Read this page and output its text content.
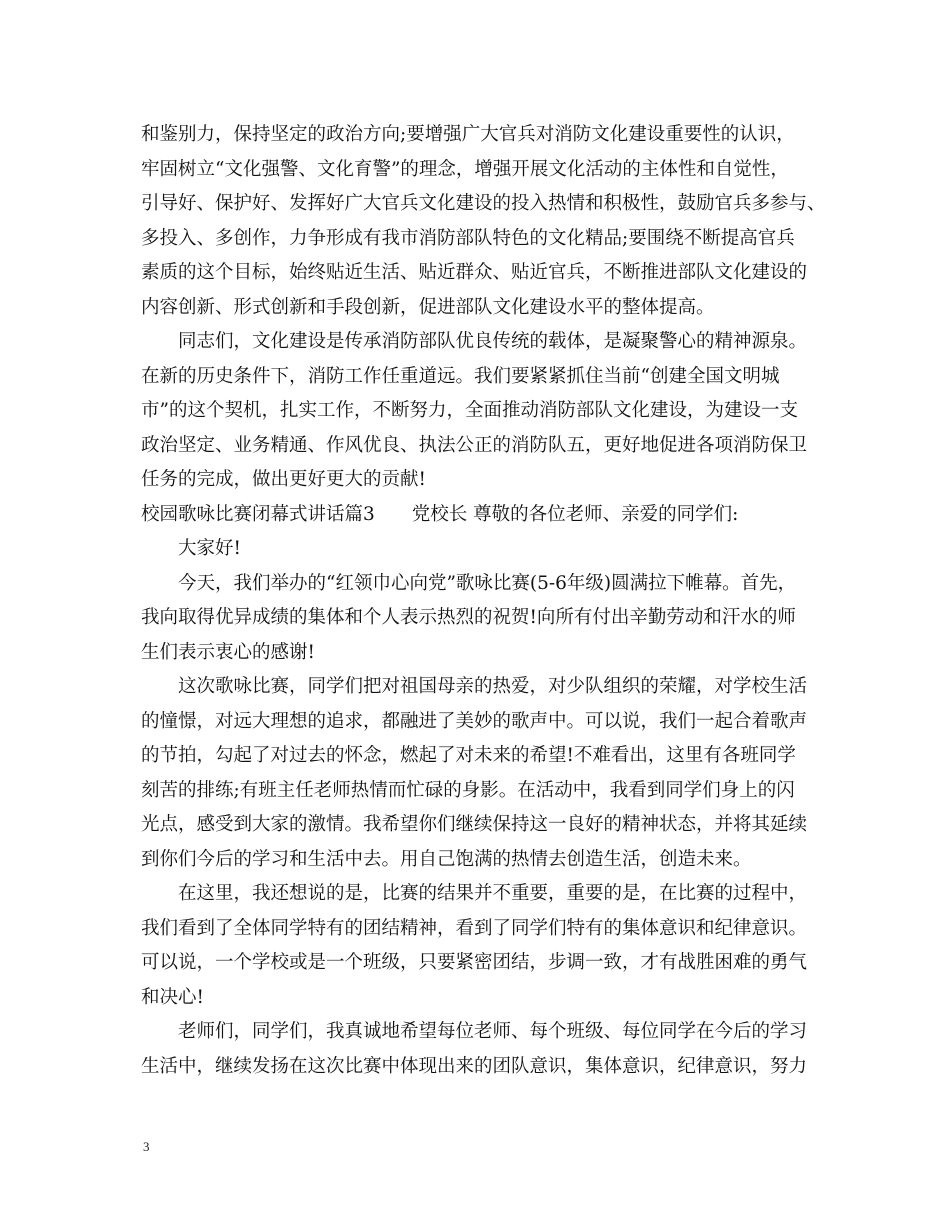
和鉴别力，保持坚定的政治方向;要增强广大官兵对消防文化建设重要性的认识，
牢固树立“文化强警、文化育警”的理念，增强开展文化活动的主体性和自觉性，
引导好、保护好、发挥好广大官兵文化建设的投入热情和积极性，鼓励官兵多参与、
多投入、多创作，力争形成有我市消防部队特色的文化精品;要围绕不断提高官兵
素质的这个目标，始终贴近生活、贴近群众、贴近官兵，不断推进部队文化建设的
内容创新、形式创新和手段创新，促进部队文化建设水平的整体提高。
同志们，文化建设是传承消防部队优良传统的载体，是凝聚警心的精神源泉。
在新的历史条件下，消防工作任重道远。我们要紧紧抓住当前“创建全国文明城
市”的这个契机，扎实工作，不断努力，全面推动消防部队文化建设，为建设一支
政治坚定、业务精通、作风优良、执法公正的消防队五，更好地促进各项消防保卫
任务的完成，做出更好更大的贡献!
校园歌咏比赛闭幕式讲话篇3　　党校长 尊敬的各位老师、亲爱的同学们:
大家好!
今天，我们举办的“红领巾心向党”歌咏比赛(5-6年级)圆满拉下帷幕。首先，
我向取得优异成绩的集体和个人表示热烈的祝贺!向所有付出辛勤劳动和汗水的师
生们表示衷心的感谢!
这次歌咏比赛，同学们把对祖国母亲的热爱，对少队组织的荣耀，对学校生活
的憧憬，对远大理想的追求，都融进了美妙的歌声中。可以说，我们一起合着歌声
的节拍，勾起了对过去的怀念，燃起了对未来的希望!不难看出，这里有各班同学
刻苦的排练;有班主任老师热情而忙碌的身影。在活动中，我看到同学们身上的闪
光点，感受到大家的激情。我希望你们继续保持这一良好的精神状态，并将其延续
到你们今后的学习和生活中去。用自己饱满的热情去创造生活，创造未来。
在这里，我还想说的是，比赛的结果并不重要，重要的是，在比赛的过程中，
我们看到了全体同学特有的团结精神，看到了同学们特有的集体意识和纪律意识。
可以说，一个学校或是一个班级，只要紧密团结，步调一致，才有战胜困难的勇气
和决心!
老师们，同学们，我真诚地希望每位老师、每个班级、每位同学在今后的学习
生活中，继续发扬在这次比赛中体现出来的团队意识，集体意识，纪律意识，努力
3
